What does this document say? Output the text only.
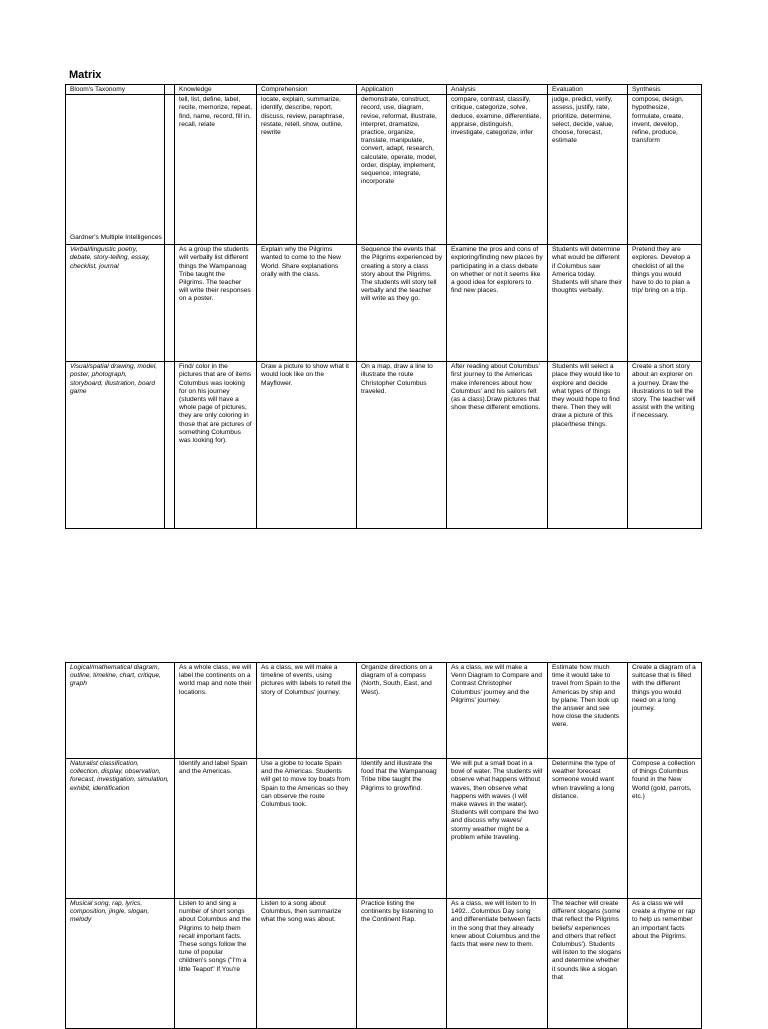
Matrix
Bloom's Taxonomy		Knowledge	Comprehension	Application	Analysis	Evaluation	Synthesis

Gardner's Multiple Intelligences		tell, list, define, label, recite, memorize, repeat, find, name, record, fill in, recall, relate	locate, explain, summarize, identify, describe, report, discuss, review, paraphrase, restate, retell, show, outline, rewrite	demonstrate, construct, record, use, diagram, revise, reformat, illustrate, interpret, dramatize, practice, organize, translate, manipulate, convert, adapt, research, calculate, operate, model, order, display, implement, sequence, integrate, incorporate	compare, contrast, classify, critique, categorize, solve, deduce, examine, differentiate, appraise, distinguish, investigate, categorize, infer	judge, predict, verify, assess, justify, rate, prioritize, determine, select, decide, value, choose, forecast, estimate	compose, design, hypothesize, formulate, create, invent, develop, refine, produce, transform
Verbal/linguistic poetry, debate, story-telling, essay, checklist, journal		As a group the students will verbally list different things the Wampanoag Tribe taught the Pilgrims. The teacher will write their responses on a poster.	Explain why the Pilgrims wanted to come to the New World. Share explanations orally with the class.	Sequence the events that the Pilgrims experienced by creating a story a class story about the Pilgrims. The students will story tell verbally and the teacher will write as they go.	Examine the pros and cons of exploring/finding new places by participating in a class debate on whether or not it seems like a good idea for explorers to find new places.	Students will determine what would be different if Columbus saw America today. Students will share their thoughts verbally.	Pretend they are explores. Develop a checklist of all the things you would have to do to plan a trip/ bring on a trip.
Visual/spatial drawing, model, poster, photograph, storyboard, illustration, board game		Find/ color in the pictures that are of items Columbus was looking for on his journey (students will have a whole page of pictures, they are only coloring in those that are pictures of something Columbus was looking for).	Draw a picture to show what it would look like on the Mayflower.	On a map, draw a line to illustrate the route Christopher Columbus traveled.	After reading about Columbus' first journey to the Americas make inferences about how Columbus' and his sailors felt (as a class).Draw pictures that show these different emotions.	Students will select a place they would like to explore and decide what types of things they would hope to find there. Then they will draw a picture of this place/these things.	Create a short story about an explorer on a journey. Draw the illustrations to tell the story. The teacher will assist with the writing if necessary.
Logical/mathematical diagram, outline, timeline, chart, critique, graph	As a whole class, we will label the continents on a world map and note their locations.	As a class, we will make a timeline of events, using pictures with labels to retell the story of Columbus' journey.	Organize directions on a diagram of a compass (North, South, East, and West).	As a class, we will make a Venn Diagram to Compare and Contrast Christopher Columbus' journey and the Pilgrims' journey.	Estimate how much time it would take to travel from Spain to the Americas by ship and by plane. Then look up the answer and see how close the students were.	Create a diagram of a suitcase that is filled with the different things you would need on a long journey.
Naturalist classification, collection, display, observation, forecast, investigation, simulation, exhibit, identification	Identify and label Spain and the Americas.	Use a globe to locate Spain and the Americas. Students will get to move toy boats from Spain to the Americas so they can observe the route Columbus took.	Identify and illustrate the food that the Wampanoag Tribe tribe taught the Pilgrims to grow/find.	We will put a small boat in a bowl of water. The students will observe what happens without waves, then observe what happens with waves (I will make waves in the water). Students will compare the two and discuss why waves/ stormy weather might be a problem while traveling.	Determine the type of weather forecast someone would want when traveling a long distance.	Compose a collection of things Columbus found in the New World (gold, parrots, etc.)
Musical song, rap, lyrics, composition, jingle, slogan, melody	Listen to and sing a number of short songs about Columbus and the Pilgrims to help them recall important facts. These songs follow the tune of popular children's songs ("I'm a little Teapot" If You're	Listen to a song about Columbus, then summarize what the song was about.	Practice listing the continents by listening to the Continent Rap.	As a class, we will listen to In 1492...Columbus Day song and differentiate between facts in the song that they already knew about Columbus and the facts that were new to them.	The teacher will create different slogans (some that reflect the Pilgrims beliefs/ experiences and others that reflect Columbus'). Students will listen to the slogans and determine whether it sounds like a slogan that	As a class we will create a rhyme or rap to help us remember an important facts about the Pilgrims.
